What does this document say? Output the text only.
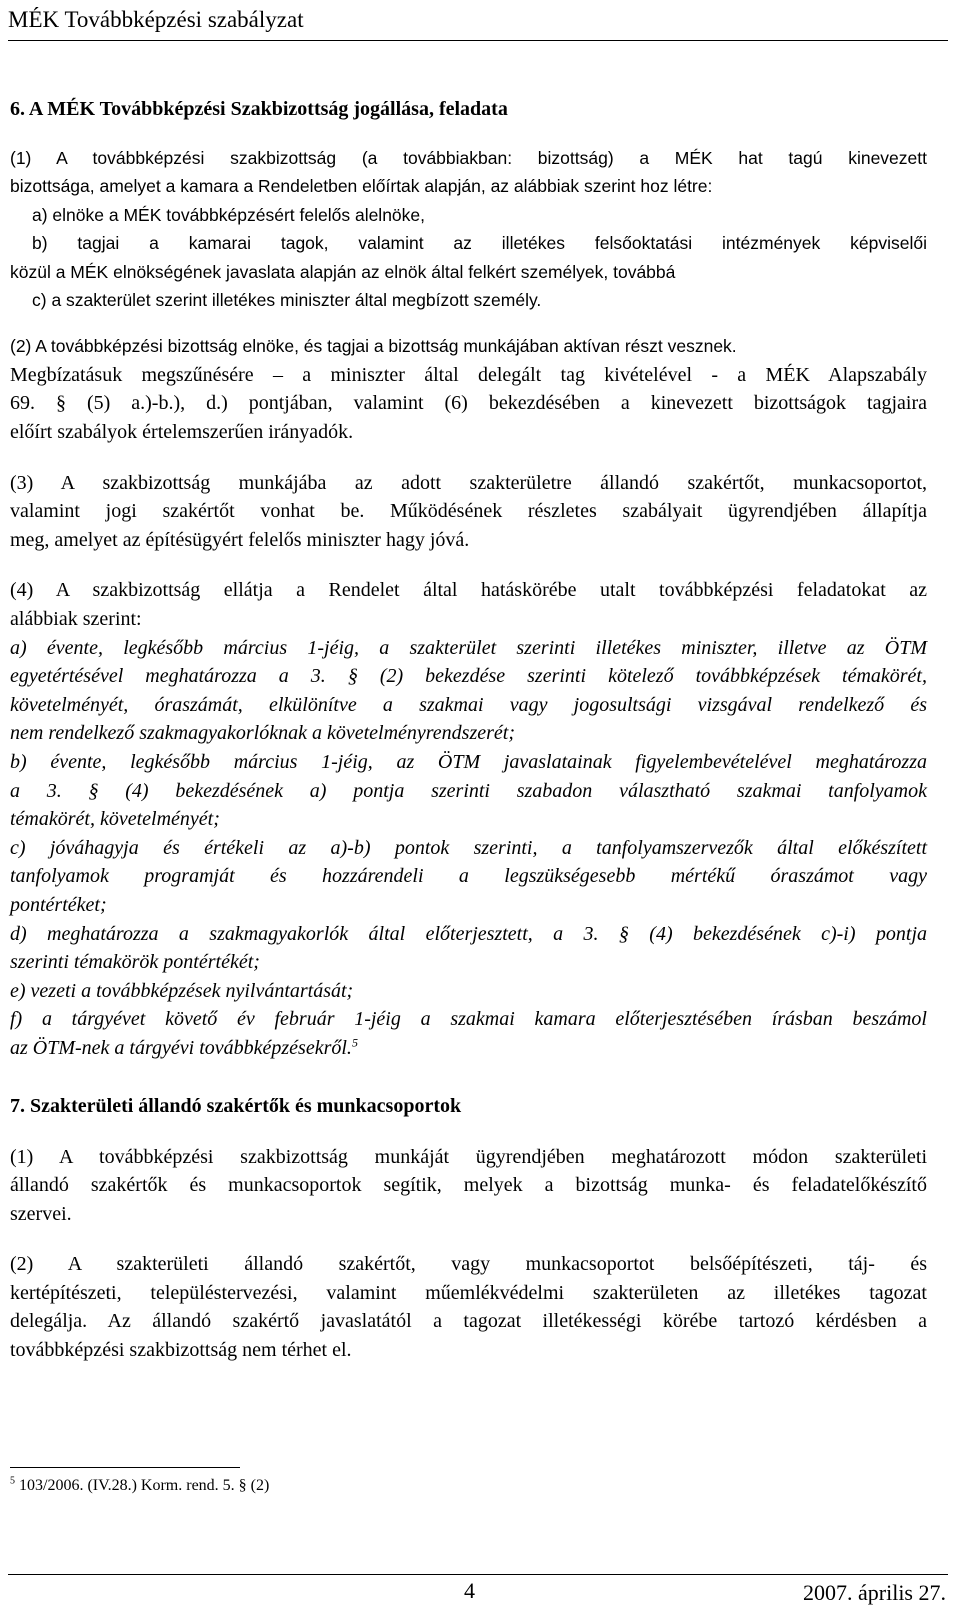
MÉK Továbbképzési szabályzat
6. A MÉK Továbbképzési Szakbizottság jogállása, feladata
(1) A továbbképzési szakbizottság (a továbbiakban: bizottság) a MÉK hat tagú kinevezett
bizottsága, amelyet a kamara a Rendeletben előírtak alapján, az alábbiak szerint hoz létre:
a) elnöke a MÉK továbbképzésért felelős alelnöke,
b) tagjai a kamarai tagok, valamint az illetékes felsőoktatási intézmények képviselői
közül a MÉK elnökségének javaslata alapján az elnök által felkért személyek, továbbá
c) a szakterület szerint illetékes miniszter által megbízott személy.
(2) A továbbképzési bizottság elnöke, és tagjai a bizottság munkájában aktívan részt vesznek.
Megbízatásuk megszűnésére – a miniszter által delegált tag kivételével - a MÉK Alapszabály
69. § (5) a.)-b.), d.) pontjában, valamint (6) bekezdésében a kinevezett bizottságok tagjaira
előírt szabályok értelemszerűen irányadók.
(3) A szakbizottság munkájába az adott szakterületre állandó szakértőt, munkacsoportot,
valamint jogi szakértőt vonhat be. Működésének részletes szabályait ügyrendjében állapítja
meg, amelyet az építésügyért felelős miniszter hagy jóvá.
(4) A szakbizottság ellátja a Rendelet által hatáskörébe utalt továbbképzési feladatokat az
alábbiak szerint:
a) évente, legkésőbb március 1-jéig, a szakterület szerinti illetékes miniszter, illetve az ÖTM
egyetértésével meghatározza a 3. § (2) bekezdése szerinti kötelező továbbképzések témakörét,
követelményét, óraszámát, elkülönítve a szakmai vagy jogosultsági vizsgával rendelkező és
nem rendelkező szakmagyakorlóknak a követelményrendszerét;
b) évente, legkésőbb március 1-jéig, az ÖTM javaslatainak figyelembevételével meghatározza
a 3. § (4) bekezdésének a) pontja szerinti szabadon választható szakmai tanfolyamok
témakörét, követelményét;
c) jóváhagyja és értékeli az a)-b) pontok szerinti, a tanfolyamszervezők által előkészített
tanfolyamok programját és hozzárendeli a legszükségesebb mértékű óraszámot vagy
pontértéket;
d) meghatározza a szakmagyakorlók által előterjesztett, a 3. § (4) bekezdésének c)-i) pontja
szerinti témakörök pontértékét;
e) vezeti a továbbképzések nyilvántartását;
f) a tárgyévet követő év február 1-jéig a szakmai kamara előterjesztésében írásban beszámol
az ÖTM-nek a tárgyévi továbbképzésekről.$^5$
7. Szakterületi állandó szakértők és munkacsoportok
(1) A továbbképzési szakbizottság munkáját ügyrendjében meghatározott módon szakterületi
állandó szakértők és munkacsoportok segítik, melyek a bizottság munka- és feladatelőkészítő
szervei.
(2) A szakterületi állandó szakértőt, vagy munkacsoportot belsőépítészeti, táj- és
kertépítészeti, településtervezési, valamint műemlékvédelmi szakterületen az illetékes tagozat
delegálja. Az állandó szakértő javaslatától a tagozat illetékességi körébe tartozó kérdésben a
továbbképzési szakbizottság nem térhet el.
$^5$ 103/2006. (IV.28.) Korm. rend. 5. § (2)
4	2007. április 27.
